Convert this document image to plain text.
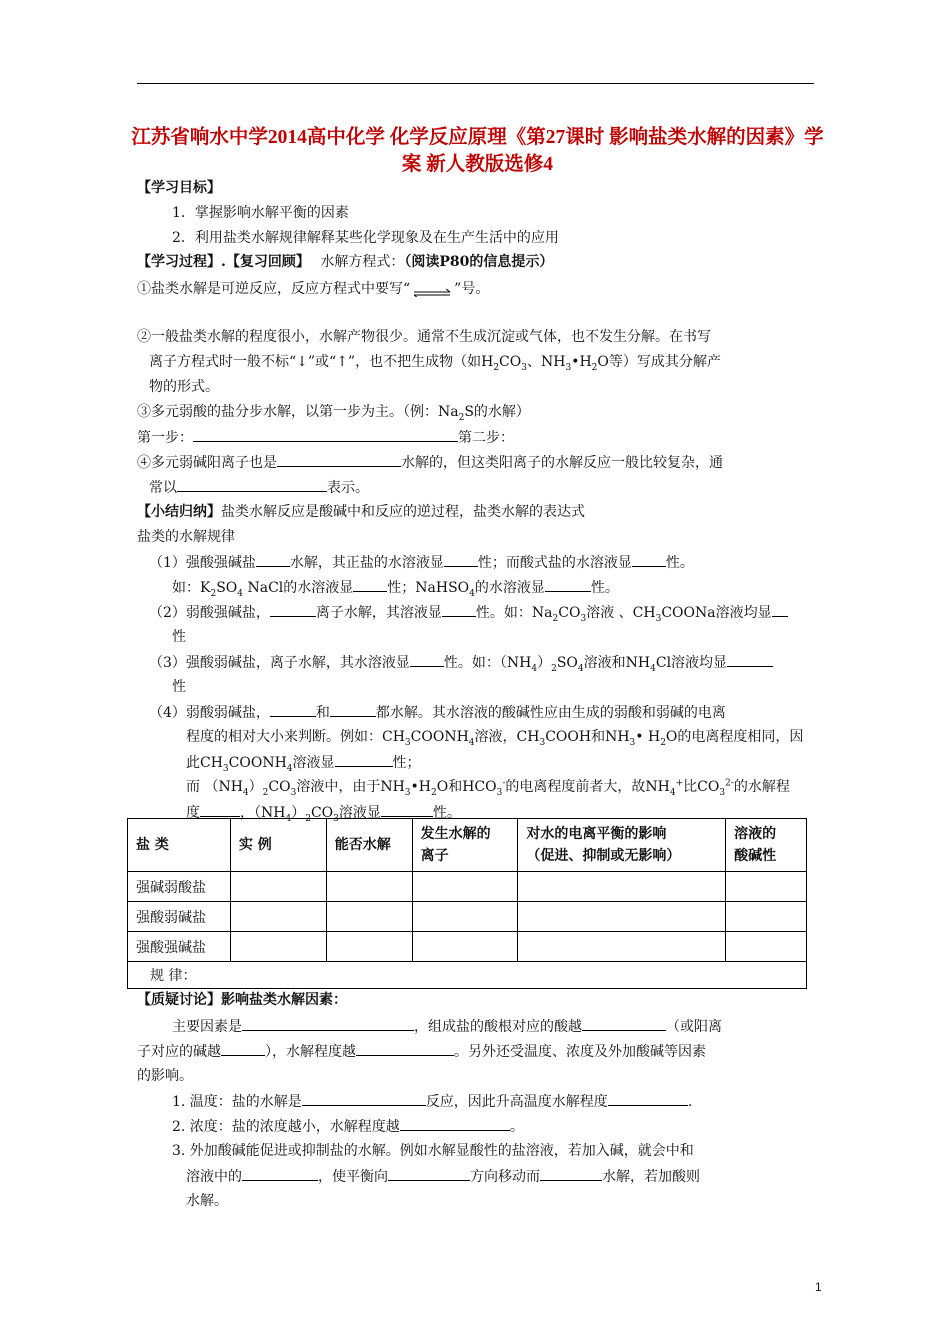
江苏省响水中学2014高中化学 化学反应原理《第27课时 影响盐类水解的因素》学案 新人教版选修4
【学习目标】
1．掌握影响水解平衡的因素
2．利用盐类水解规律解释某些化学现象及在生产生活中的应用
【学习过程】.【复习回顾】 水解方程式：（阅读P80的信息提示）
①盐类水解是可逆反应，反应方程式中要写“⇌”号。
②一般盐类水解的程度很小，水解产物很少。通常不生成沉淀或气体，也不发生分解。在书写
离子方程式时一般不标“↓”或“↑”，也不把生成物（如$H_2CO_3$、$NH_3•H_2O$等）写成其分解产
物的形式。
③多元弱酸的盐分步水解，以第一步为主。（例：$Na_2S$的水解）
第一步：	第二步：
④多元弱碱阳离子也是	水解的，但这类阳离子的水解反应一般比较复杂，通
常以	表示。
【小结归纳】盐类水解反应是酸碱中和反应的逆过程，盐类水解的表达式
盐类的水解规律
（1）强酸强碱盐 水解，其正盐的水溶液显 性；而酸式盐的水溶液显 性。
如：$K_2SO_4$ NaCl的水溶液显 性；NaHSO$_4$的水溶液显	性。
（2）弱酸强碱盐，	离子水解，其溶液显 性。如：$Na_2CO_3$溶液 、$CH_3COONa$溶液均显
性
（3）强酸弱碱盐，离子水解，其水溶液显 性。如：$(NH_4)_2SO_4$溶液和$NH_4Cl$溶液均显
性
（4）弱酸弱碱盐，	和	都水解。其水溶液的酸碱性应由生成的弱酸和弱碱的电离
程度的相对大小来判断。例如：$CH_3COONH_4$溶液，$CH_3COOH$和$NH_3•$ $H_2O$的电离程度相同，因
此$CH_3COONH_4$溶液显	性；
而 $(NH_4)_2CO_3$溶液中，由于$NH_3•H_2O$和$HCO_3^-$的电离程度前者大，故$NH_4^+$比$CO_3^{2-}$的水解程
度	，$(NH_4)_2CO_3$溶液显	性。
盐 类	实 例	能否水解	发生水解的
离子	对水的电离平衡的影响
（促进、抑制或无影响）	溶液的
酸碱性
强碱弱酸盐					
强酸弱碱盐					
强酸强碱盐					
规 律：					
【质疑讨论】影响盐类水解因素：
主要因素是	，组成盐的酸根对应的酸越	（或阳离
子对应的碱越	），水解程度越	。另外还受温度、浓度及外加酸碱等因素
的影响。
1. 温度：盐的水解是	反应，因此升高温度水解程度	.
2. 浓度：盐的浓度越小，水解程度越	。
3. 外加酸碱能促进或抑制盐的水解。例如水解显酸性的盐溶液，若加入碱，就会中和
溶液中的	，使平衡向	方向移动而	水解，若加酸则
水解。
1
